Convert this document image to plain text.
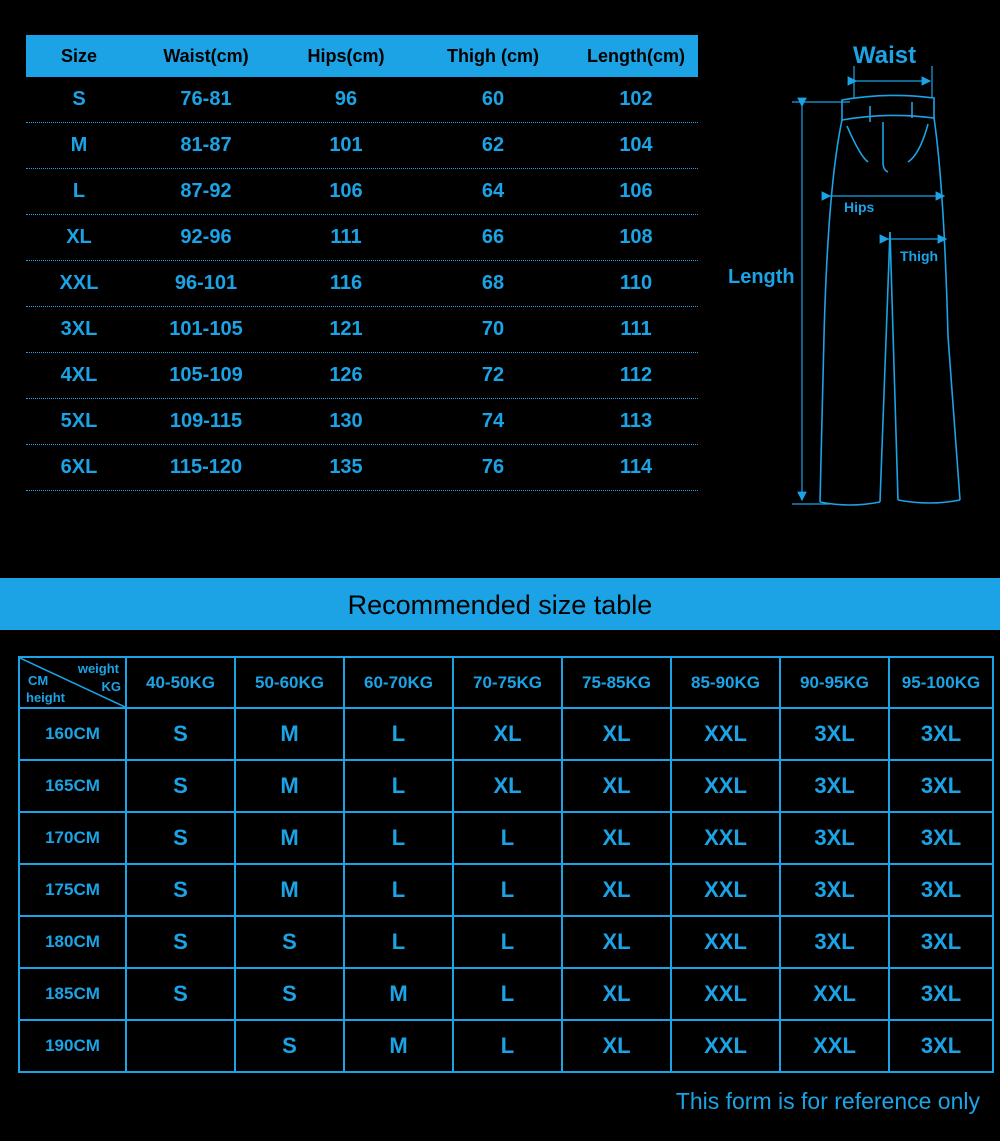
Size	Waist(cm)	Hips(cm)	Thigh (cm)	Length(cm)
S	76-81	96	60	102
M	81-87	101	62	104
L	87-92	106	64	106
XL	92-96	111	66	108
XXL	96-101	116	68	110
3XL	101-105	121	70	111
4XL	105-109	126	72	112
5XL	109-115	130	74	113
6XL	115-120	135	76	114
Waist
Hips
Thigh
Length
Recommended size table
weight
KG
CM
height	40-50KG	50-60KG	60-70KG	70-75KG	75-85KG	85-90KG	90-95KG	95-100KG
160CM	S	M	L	XL	XL	XXL	3XL	3XL
165CM	S	M	L	XL	XL	XXL	3XL	3XL
170CM	S	M	L	L	XL	XXL	3XL	3XL
175CM	S	M	L	L	XL	XXL	3XL	3XL
180CM	S	S	L	L	XL	XXL	3XL	3XL
185CM	S	S	M	L	XL	XXL	XXL	3XL
190CM		S	M	L	XL	XXL	XXL	3XL
This form is for reference only
